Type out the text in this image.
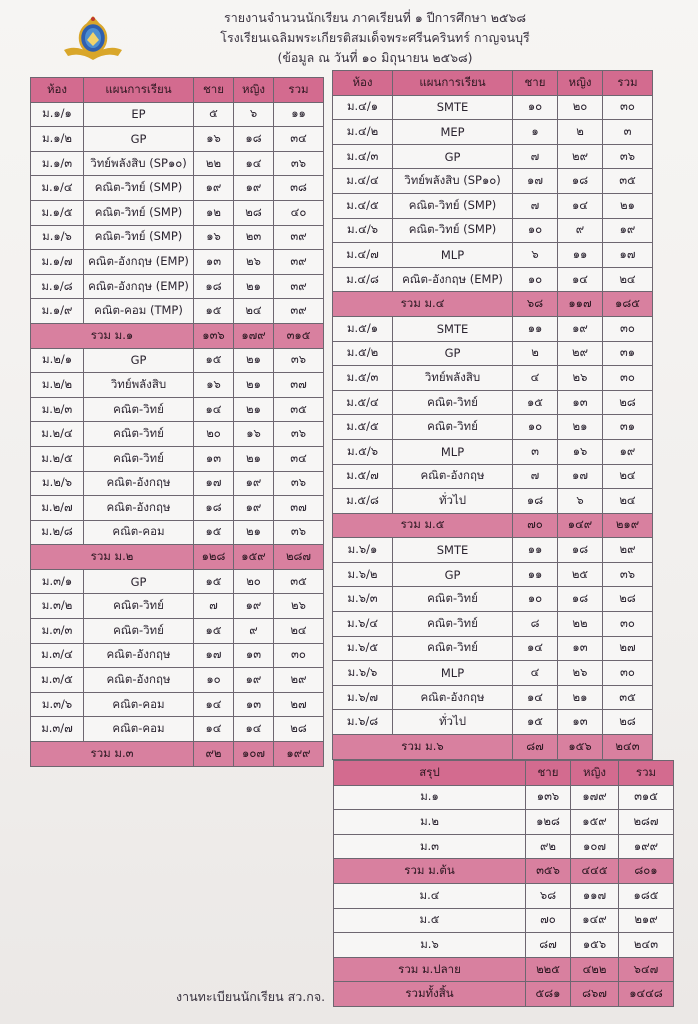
รายงานจำนวนนักเรียน ภาคเรียนที่ ๑ ปีการศึกษา ๒๕๖๘
โรงเรียนเฉลิมพระเกียรติสมเด็จพระศรีนครินทร์ กาญจนบุรี
(ข้อมูล ณ วันที่ ๑๐ มิถุนายน ๒๕๖๘)
ห้อง	แผนการเรียน	ชาย	หญิง	รวม
ม.๑/๑	EP	๕	๖	๑๑
ม.๑/๒	GP	๑๖	๑๘	๓๔
ม.๑/๓	วิทย์พลังสิบ (SP๑๐)	๒๒	๑๔	๓๖
ม.๑/๔	คณิต-วิทย์ (SMP)	๑๙	๑๙	๓๘
ม.๑/๕	คณิต-วิทย์ (SMP)	๑๒	๒๘	๔๐
ม.๑/๖	คณิต-วิทย์ (SMP)	๑๖	๒๓	๓๙
ม.๑/๗	คณิต-อังกฤษ (EMP)	๑๓	๒๖	๓๙
ม.๑/๘	คณิต-อังกฤษ (EMP)	๑๘	๒๑	๓๙
ม.๑/๙	คณิต-คอม (TMP)	๑๕	๒๔	๓๙
รวม ม.๑		๑๓๖	๑๗๙	๓๑๕
ม.๒/๑	GP	๑๕	๒๑	๓๖
ม.๒/๒	วิทย์พลังสิบ	๑๖	๒๑	๓๗
ม.๒/๓	คณิต-วิทย์	๑๔	๒๑	๓๕
ม.๒/๔	คณิต-วิทย์	๒๐	๑๖	๓๖
ม.๒/๕	คณิต-วิทย์	๑๓	๒๑	๓๔
ม.๒/๖	คณิต-อังกฤษ	๑๗	๑๙	๓๖
ม.๒/๗	คณิต-อังกฤษ	๑๘	๑๙	๓๗
ม.๒/๘	คณิต-คอม	๑๕	๒๑	๓๖
รวม ม.๒		๑๒๘	๑๕๙	๒๘๗
ม.๓/๑	GP	๑๕	๒๐	๓๕
ม.๓/๒	คณิต-วิทย์	๗	๑๙	๒๖
ม.๓/๓	คณิต-วิทย์	๑๕	๙	๒๔
ม.๓/๔	คณิต-อังกฤษ	๑๗	๑๓	๓๐
ม.๓/๕	คณิต-อังกฤษ	๑๐	๑๙	๒๙
ม.๓/๖	คณิต-คอม	๑๔	๑๓	๒๗
ม.๓/๗	คณิต-คอม	๑๔	๑๔	๒๘
รวม ม.๓		๙๒	๑๐๗	๑๙๙
ห้อง	แผนการเรียน	ชาย	หญิง	รวม
ม.๔/๑	SMTE	๑๐	๒๐	๓๐
ม.๔/๒	MEP	๑	๒	๓
ม.๔/๓	GP	๗	๒๙	๓๖
ม.๔/๔	วิทย์พลังสิบ (SP๑๐)	๑๗	๑๘	๓๕
ม.๔/๕	คณิต-วิทย์ (SMP)	๗	๑๔	๒๑
ม.๔/๖	คณิต-วิทย์ (SMP)	๑๐	๙	๑๙
ม.๔/๗	MLP	๖	๑๑	๑๗
ม.๔/๘	คณิต-อังกฤษ (EMP)	๑๐	๑๔	๒๔
รวม ม.๔		๖๘	๑๑๗	๑๘๕
ม.๕/๑	SMTE	๑๑	๑๙	๓๐
ม.๕/๒	GP	๒	๒๙	๓๑
ม.๕/๓	วิทย์พลังสิบ	๔	๒๖	๓๐
ม.๕/๔	คณิต-วิทย์	๑๕	๑๓	๒๘
ม.๕/๕	คณิต-วิทย์	๑๐	๒๑	๓๑
ม.๕/๖	MLP	๓	๑๖	๑๙
ม.๕/๗	คณิต-อังกฤษ	๗	๑๗	๒๔
ม.๕/๘	ทั่วไป	๑๘	๖	๒๔
รวม ม.๕		๗๐	๑๔๙	๒๑๙
ม.๖/๑	SMTE	๑๑	๑๘	๒๙
ม.๖/๒	GP	๑๑	๒๕	๓๖
ม.๖/๓	คณิต-วิทย์	๑๐	๑๘	๒๘
ม.๖/๔	คณิต-วิทย์	๘	๒๒	๓๐
ม.๖/๕	คณิต-วิทย์	๑๔	๑๓	๒๗
ม.๖/๖	MLP	๔	๒๖	๓๐
ม.๖/๗	คณิต-อังกฤษ	๑๔	๒๑	๓๕
ม.๖/๘	ทั่วไป	๑๕	๑๓	๒๘
รวม ม.๖		๘๗	๑๕๖	๒๔๓
สรุป	ชาย	หญิง	รวม
ม.๑	๑๓๖	๑๗๙	๓๑๕
ม.๒	๑๒๘	๑๕๙	๒๘๗
ม.๓	๙๒	๑๐๗	๑๙๙
รวม ม.ต้น	๓๕๖	๔๔๕	๘๐๑
ม.๔	๖๘	๑๑๗	๑๘๕
ม.๕	๗๐	๑๔๙	๒๑๙
ม.๖	๘๗	๑๕๖	๒๔๓
รวม ม.ปลาย	๒๒๕	๔๒๒	๖๔๗
รวมทั้งสิ้น	๕๘๑	๘๖๗	๑๔๔๘
งานทะเบียนนักเรียน สว.กจ.
